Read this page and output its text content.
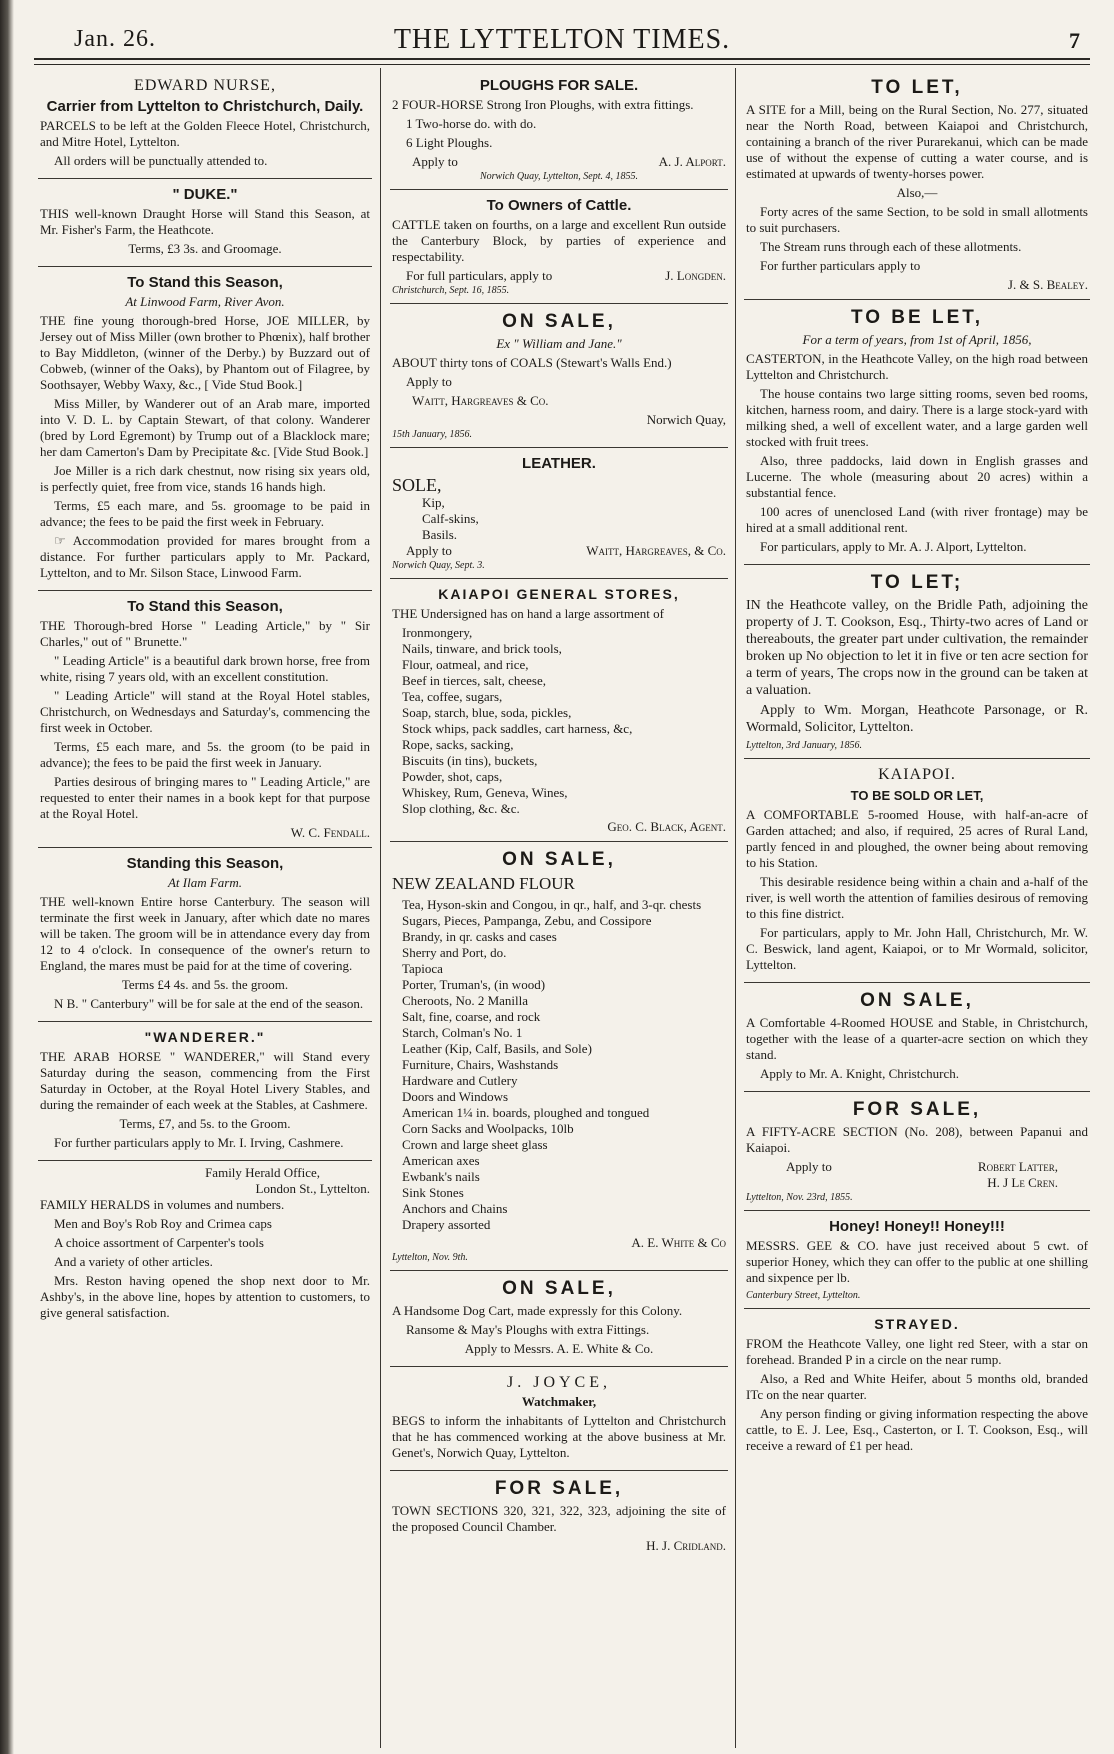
Jan. 26.	THE LYTTELTON TIMES.	7
EDWARD NURSE,
Carrier from Lyttelton to Christchurch, Daily.

PARCELS to be left at the Golden Fleece Hotel, Christchurch, and Mitre Hotel, Lyttelton.

All orders will be punctually attended to.

" DUKE."

THIS well-known Draught Horse will Stand this Season, at Mr. Fisher's Farm, the Heathcote.

Terms, £3 3s. and Groomage.

To Stand this Season,
At Linwood Farm, River Avon.

THE fine young thorough-bred Horse, JOE MILLER, by Jersey out of Miss Miller (own brother to Phœnix), half brother to Bay Middleton, (winner of the Derby.) by Buzzard out of Cobweb, (winner of the Oaks), by Phantom out of Filagree, by Soothsayer, Webby Waxy, &c., [ Vide Stud Book.]

Miss Miller, by Wanderer out of an Arab mare, imported into V. D. L. by Captain Stewart, of that colony. Wanderer (bred by Lord Egremont) by Trump out of a Blacklock mare; her dam Camerton's Dam by Precipitate &c. [Vide Stud Book.]

Joe Miller is a rich dark chestnut, now rising six years old, is perfectly quiet, free from vice, stands 16 hands high.

Terms, £5 each mare, and 5s. groomage to be paid in advance; the fees to be paid the first week in February.

☞ Accommodation provided for mares brought from a distance. For further particulars apply to Mr. Packard, Lyttelton, and to Mr. Silson Stace, Linwood Farm.

To Stand this Season,

THE Thorough-bred Horse " Leading Article," by " Sir Charles," out of " Brunette."

" Leading Article" is a beautiful dark brown horse, free from white, rising 7 years old, with an excellent constitution.

" Leading Article" will stand at the Royal Hotel stables, Christchurch, on Wednesdays and Saturday's, commencing the first week in October.

Terms, £5 each mare, and 5s. the groom (to be paid in advance); the fees to be paid the first week in January.

Parties desirous of bringing mares to " Leading Article," are requested to enter their names in a book kept for that purpose at the Royal Hotel.

W. C. Fendall.
Standing this Season,
At Ilam Farm.

THE well-known Entire horse Canterbury. The season will terminate the first week in January, after which date no mares will be taken. The groom will be in attendance every day from 12 to 4 o'clock. In consequence of the owner's return to England, the mares must be paid for at the time of covering.

Terms £4 4s. and 5s. the groom.

N B. " Canterbury" will be for sale at the end of the season.

"WANDERER."

THE ARAB HORSE " WANDERER," will Stand every Saturday during the season, commencing from the First Saturday in October, at the Royal Hotel Livery Stables, and during the remainder of each week at the Stables, at Cashmere.

Terms, £7, and 5s. to the Groom.

For further particulars apply to Mr. I. Irving, Cashmere.

Family Herald Office,
London St., Lyttelton.

FAMILY HERALDS in volumes and numbers.

Men and Boy's Rob Roy and Crimea caps

A choice assortment of Carpenter's tools

And a variety of other articles.

Mrs. Reston having opened the shop next door to Mr. Ashby's, in the above line, hopes by attention to customers, to give general satisfaction.

PLOUGHS FOR SALE.

2 FOUR-HORSE Strong Iron Ploughs, with extra fittings.

1 Two-horse do. with do.

6 Light Ploughs.

Apply to	A. J. Alport.
Norwich Quay, Lyttelton, Sept. 4, 1855.
To Owners of Cattle.

CATTLE taken on fourths, on a large and excellent Run outside the Canterbury Block, by parties of experience and respectability.

For full particulars, apply to	J. Longden.
Christchurch, Sept. 16, 1855.
ON SALE,
Ex " William and Jane."

ABOUT thirty tons of COALS (Stewart's Walls End.)

Apply to

Waitt, Hargreaves & Co.

Norwich Quay,
15th January, 1856.
LEATHER.
SOLE,
Kip,
Calf-skins,
Basils.
Apply to	Waitt, Hargreaves, & Co.
Norwich Quay, Sept. 3.
KAIAPOI GENERAL STORES,

THE Undersigned has on hand a large assortment of

Ironmongery,
Nails, tinware, and brick tools,
Flour, oatmeal, and rice,
Beef in tierces, salt, cheese,
Tea, coffee, sugars,
Soap, starch, blue, soda, pickles,
Stock whips, pack saddles, cart harness, &c,
Rope, sacks, sacking,
Biscuits (in tins), buckets,
Powder, shot, caps,
Whiskey, Rum, Geneva, Wines,
Slop clothing, &c. &c.
Geo. C. Black, Agent.
ON SALE,

NEW ZEALAND FLOUR

Tea, Hyson-skin and Congou, in qr., half, and 3-qr. chests
Sugars, Pieces, Pampanga, Zebu, and Cossipore
Brandy, in qr. casks and cases
Sherry and Port, do.
Tapioca
Porter, Truman's, (in wood)
Cheroots, No. 2 Manilla
Salt, fine, coarse, and rock
Starch, Colman's No. 1
Leather (Kip, Calf, Basils, and Sole)
Furniture, Chairs, Washstands
Hardware and Cutlery
Doors and Windows
American 1¼ in. boards, ploughed and tongued
Corn Sacks and Woolpacks, 10lb
Crown and large sheet glass
American axes
Ewbank's nails
Sink Stones
Anchors and Chains
Drapery assorted
A. E. White & Co
Lyttelton, Nov. 9th.
ON SALE,

A Handsome Dog Cart, made expressly for this Colony.

Ransome & May's Ploughs with extra Fittings.

Apply to Messrs. A. E. White & Co.

J. JOYCE,
Watchmaker,

BEGS to inform the inhabitants of Lyttelton and Christchurch that he has commenced working at the above business at Mr. Genet's, Norwich Quay, Lyttelton.

FOR SALE,

TOWN SECTIONS 320, 321, 322, 323, adjoining the site of the proposed Council Chamber.

H. J. Cridland.
TO LET,

A SITE for a Mill, being on the Rural Section, No. 277, situated near the North Road, between Kaiapoi and Christchurch, containing a branch of the river Purarekanui, which can be made use of without the expense of cutting a water course, and is estimated at upwards of twenty-horses power.

Also,—

Forty acres of the same Section, to be sold in small allotments to suit purchasers.

The Stream runs through each of these allotments.

For further particulars apply to

J. & S. Bealey.
TO BE LET,
For a term of years, from 1st of April, 1856,

CASTERTON, in the Heathcote Valley, on the high road between Lyttelton and Christchurch.

The house contains two large sitting rooms, seven bed rooms, kitchen, harness room, and dairy. There is a large stock-yard with milking shed, a well of excellent water, and a large garden well stocked with fruit trees.

Also, three paddocks, laid down in English grasses and Lucerne. The whole (measuring about 20 acres) within a substantial fence.

100 acres of unenclosed Land (with river frontage) may be hired at a small additional rent.

For particulars, apply to Mr. A. J. Alport, Lyttelton.

TO LET;

IN the Heathcote valley, on the Bridle Path, adjoining the property of J. T. Cookson, Esq., Thirty-two acres of Land or thereabouts, the greater part under cultivation, the remainder broken up No objection to let it in five or ten acre section for a term of years, The crops now in the ground can be taken at a valuation.

Apply to Wm. Morgan, Heathcote Parsonage, or R. Wormald, Solicitor, Lyttelton.

Lyttelton, 3rd January, 1856.
KAIAPOI.
TO BE SOLD OR LET,

A COMFORTABLE 5-roomed House, with half-an-acre of Garden attached; and also, if required, 25 acres of Rural Land, partly fenced in and ploughed, the owner being about removing to his Station.

This desirable residence being within a chain and a-half of the river, is well worth the attention of families desirous of removing to this fine district.

For particulars, apply to Mr. John Hall, Christchurch, Mr. W. C. Beswick, land agent, Kaiapoi, or to Mr Wormald, solicitor, Lyttelton.

ON SALE,

A Comfortable 4-Roomed HOUSE and Stable, in Christchurch, together with the lease of a quarter-acre section on which they stand.

Apply to Mr. A. Knight, Christchurch.

FOR SALE,

A FIFTY-ACRE SECTION (No. 208), between Papanui and Kaiapoi.

Apply to	Robert Latter,
H. J Le Cren.
Lyttelton, Nov. 23rd, 1855.
Honey! Honey!! Honey!!!

MESSRS. GEE & CO. have just received about 5 cwt. of superior Honey, which they can offer to the public at one shilling and sixpence per lb.

Canterbury Street, Lyttelton.
STRAYED.

FROM the Heathcote Valley, one light red Steer, with a star on forehead. Branded P in a circle on the near rump.

Also, a Red and White Heifer, about 5 months old, branded ITc on the near quarter.

Any person finding or giving information respecting the above cattle, to E. J. Lee, Esq., Casterton, or I. T. Cookson, Esq., will receive a reward of £1 per head.
